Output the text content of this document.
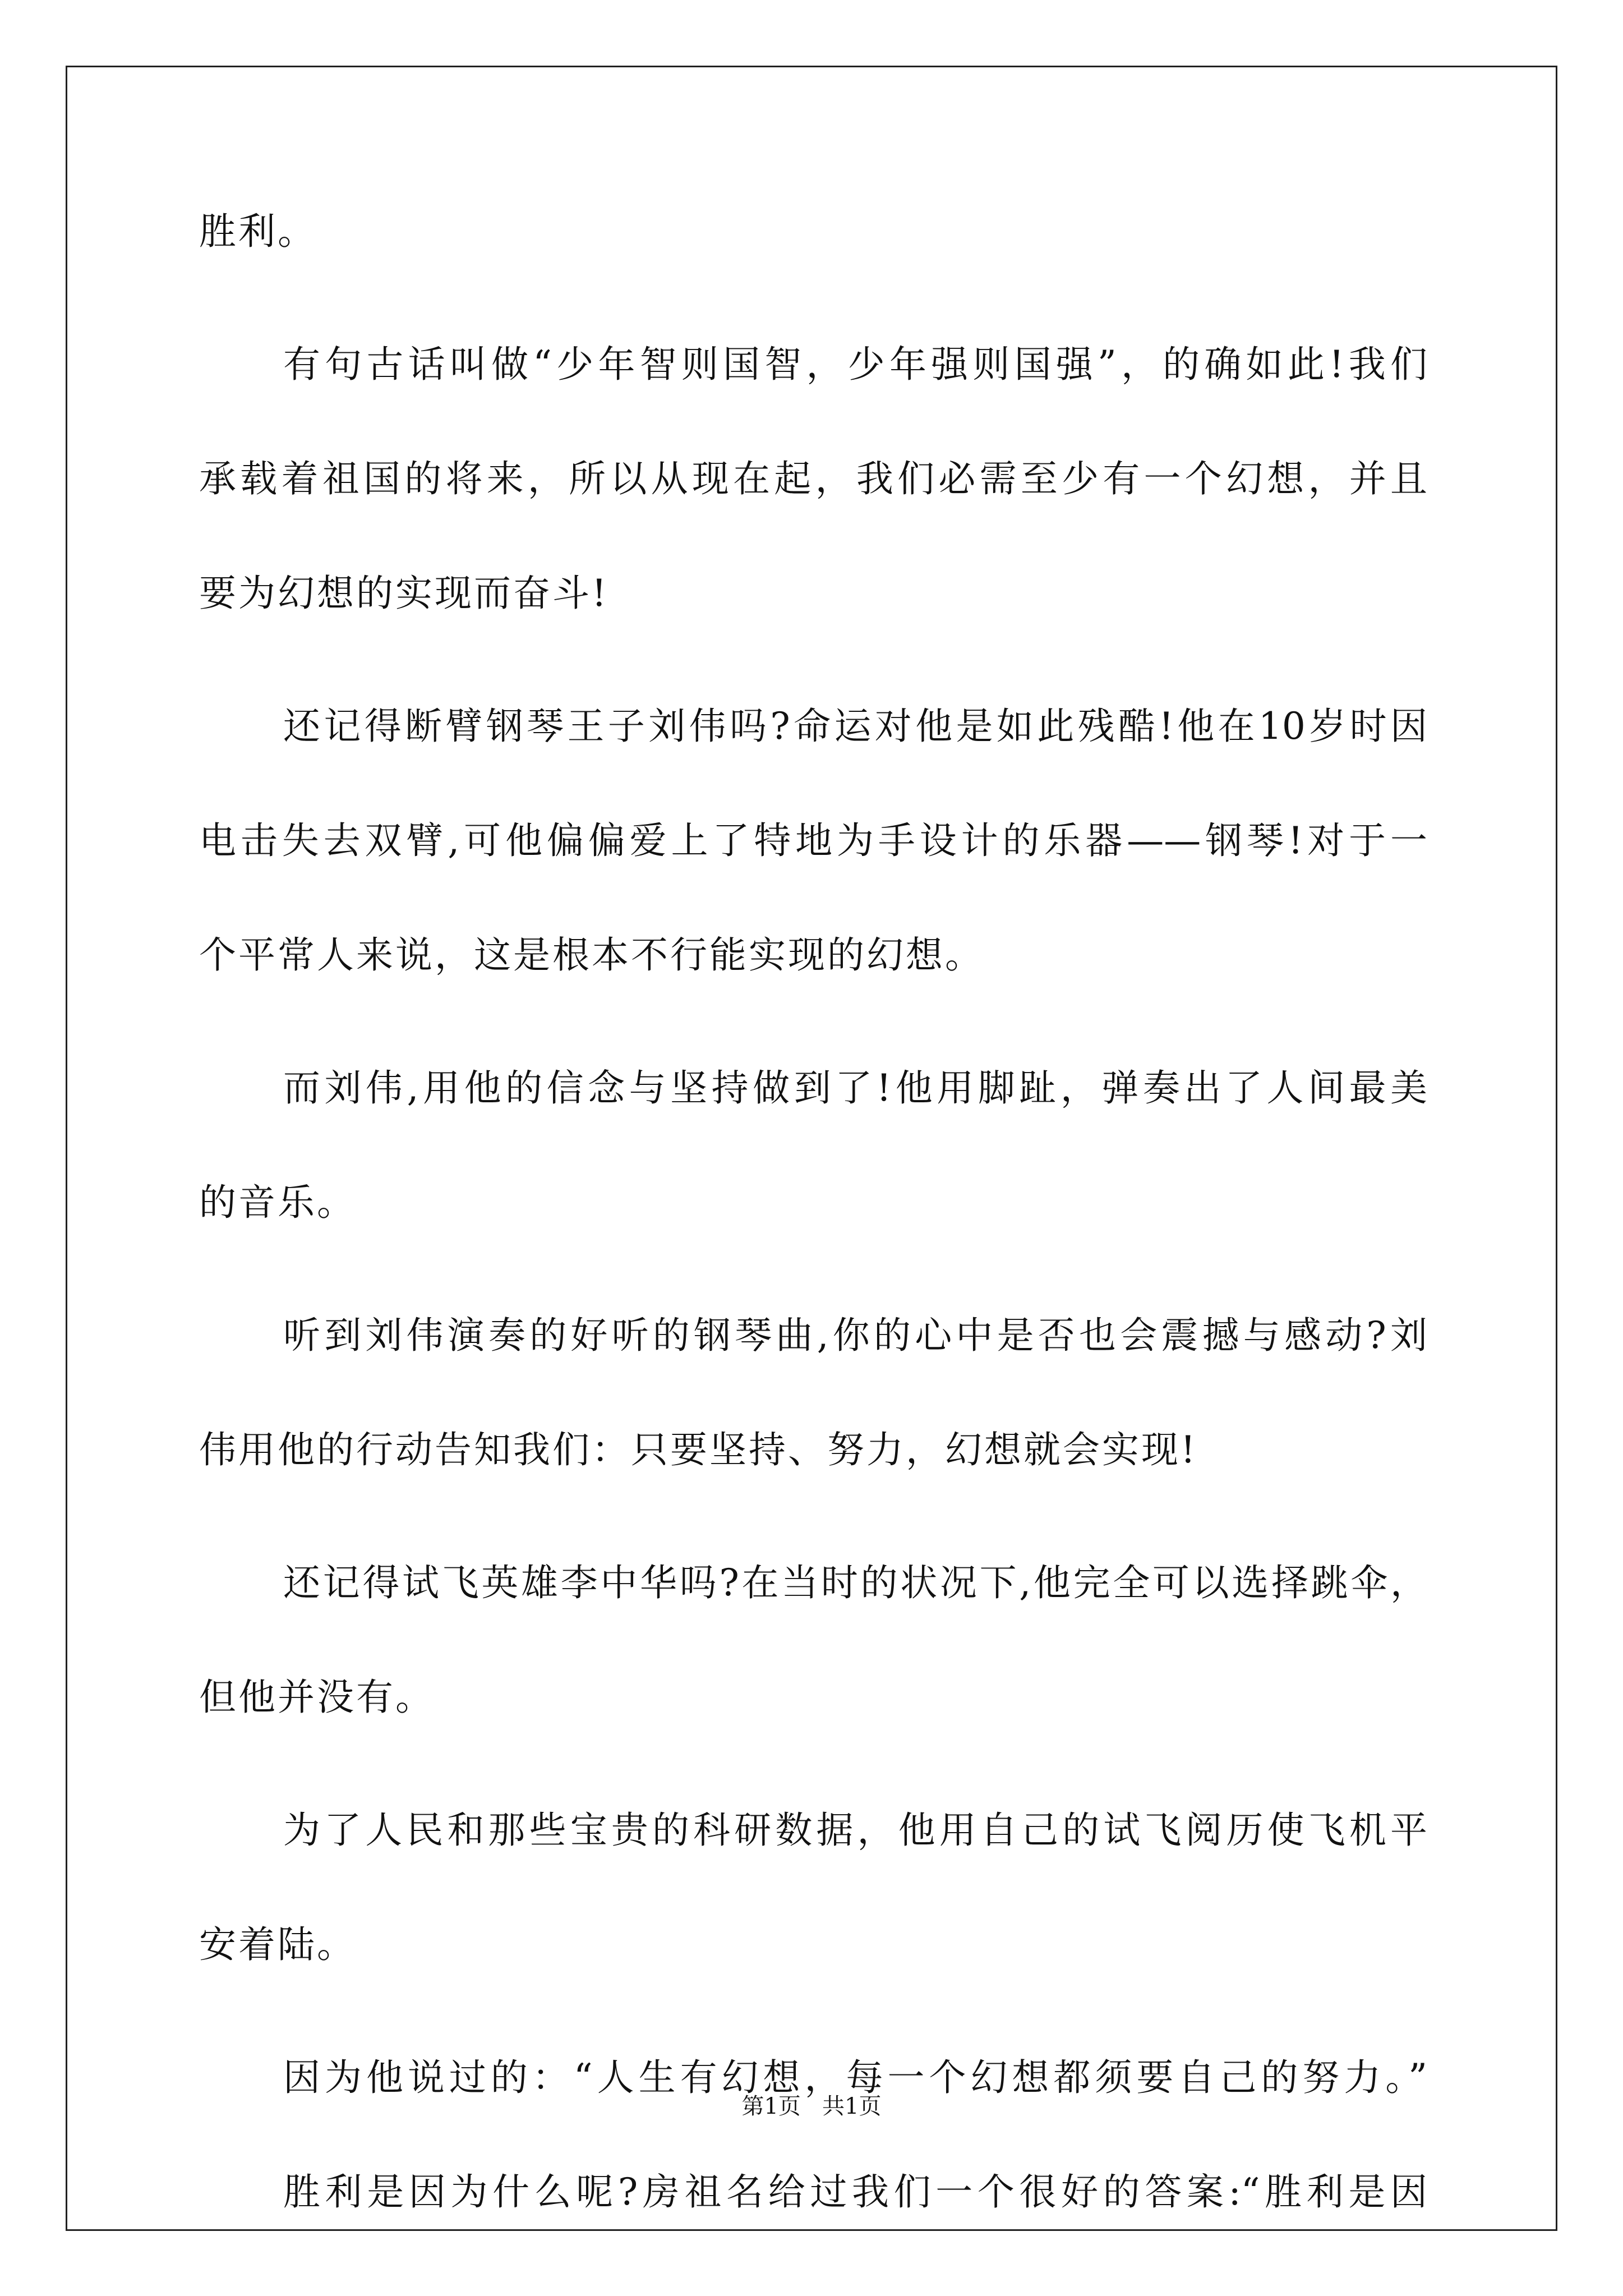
胜利。
有句古话叫做“少年智则国智，少年强则国强”，的确如此!我们
承载着祖国的将来，所以从现在起，我们必需至少有一个幻想，并且
要为幻想的实现而奋斗!
还记得断臂钢琴王子刘伟吗?命运对他是如此残酷!他在10岁时因
电击失去双臂,可他偏偏爱上了特地为手设计的乐器——钢琴!对于一
个平常人来说，这是根本不行能实现的幻想。
而刘伟,用他的信念与坚持做到了!他用脚趾，弹奏出了人间最美
的音乐。
听到刘伟演奏的好听的钢琴曲,你的心中是否也会震撼与感动?刘
伟用他的行动告知我们：只要坚持、努力，幻想就会实现!
还记得试飞英雄李中华吗?在当时的状况下,他完全可以选择跳伞，
但他并没有。
为了人民和那些宝贵的科研数据，他用自己的试飞阅历使飞机平
安着陆。
因为他说过的：“人生有幻想，每一个幻想都须要自己的努力。”
胜利是因为什么呢?房祖名给过我们一个很好的答案:“胜利是因
第1页   共1页
